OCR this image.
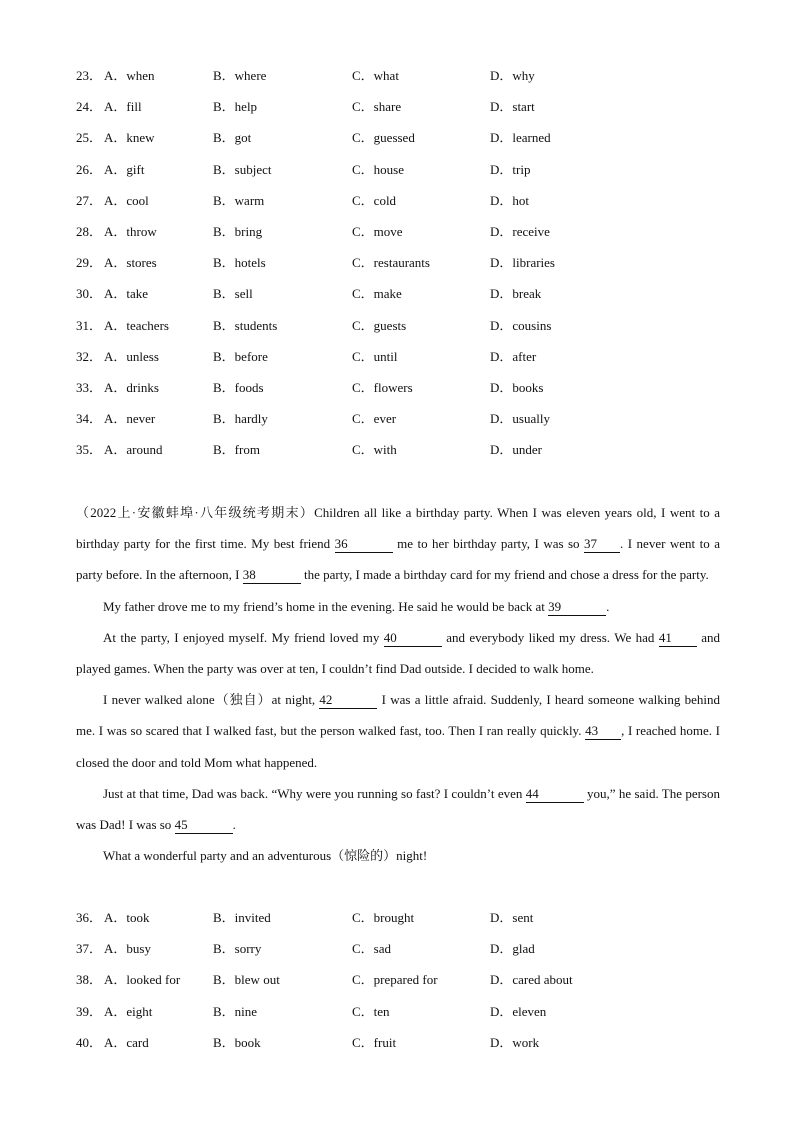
23． A．when	B．where	C．what	D．why
24． A．fill	B．help	C．share	D．start
25． A．knew	B．got	C．guessed	D．learned
26． A．gift	B．subject	C．house	D．trip
27． A．cool	B．warm	C．cold	D．hot
28． A．throw	B．bring	C．move	D．receive
29． A．stores	B．hotels	C．restaurants	D．libraries
30． A．take	B．sell	C．make	D．break
31． A．teachers	B．students	C．guests	D．cousins
32． A．unless	B．before	C．until	D．after
33． A．drinks	B．foods	C．flowers	D．books
34． A．never	B．hardly	C．ever	D．usually
35． A．around	B．from	C．with	D．under

（2022上·安徽蚌埠·八年级统考期末）Children all like a birthday party. When I was eleven years old, I went to a birthday party for the first time. My best friend 36	me to her birthday party, I was so 37 . I never went to a party before. In the afternoon, I 38	the party, I made a birthday card for my friend and chose a dress for the party.

My father drove me to my friend’s home in the evening. He said he would be back at 39	.

At the party, I enjoyed myself. My friend loved my 40	and everybody liked my dress. We had 41 and played games. When the party was over at ten, I couldn’t find Dad outside. I decided to walk home.

I never walked alone（独自）at night, 42	I was a little afraid. Suddenly, I heard someone walking behind me. I was so scared that I walked fast, but the person walked fast, too. Then I ran really quickly. 43 , I reached home. I closed the door and told Mom what happened.

Just at that time, Dad was back. “Why were you running so fast? I couldn’t even 44	you,” he said. The person was Dad! I was so 45	.

What a wonderful party and an adventurous（惊险的）night!

36． A．took	B．invited	C．brought	D．sent
37． A．busy	B．sorry	C．sad	D．glad
38． A．looked for	B．blew out	C．prepared for	D．cared about
39． A．eight	B．nine	C．ten	D．eleven
40． A．card	B．book	C．fruit	D．work
